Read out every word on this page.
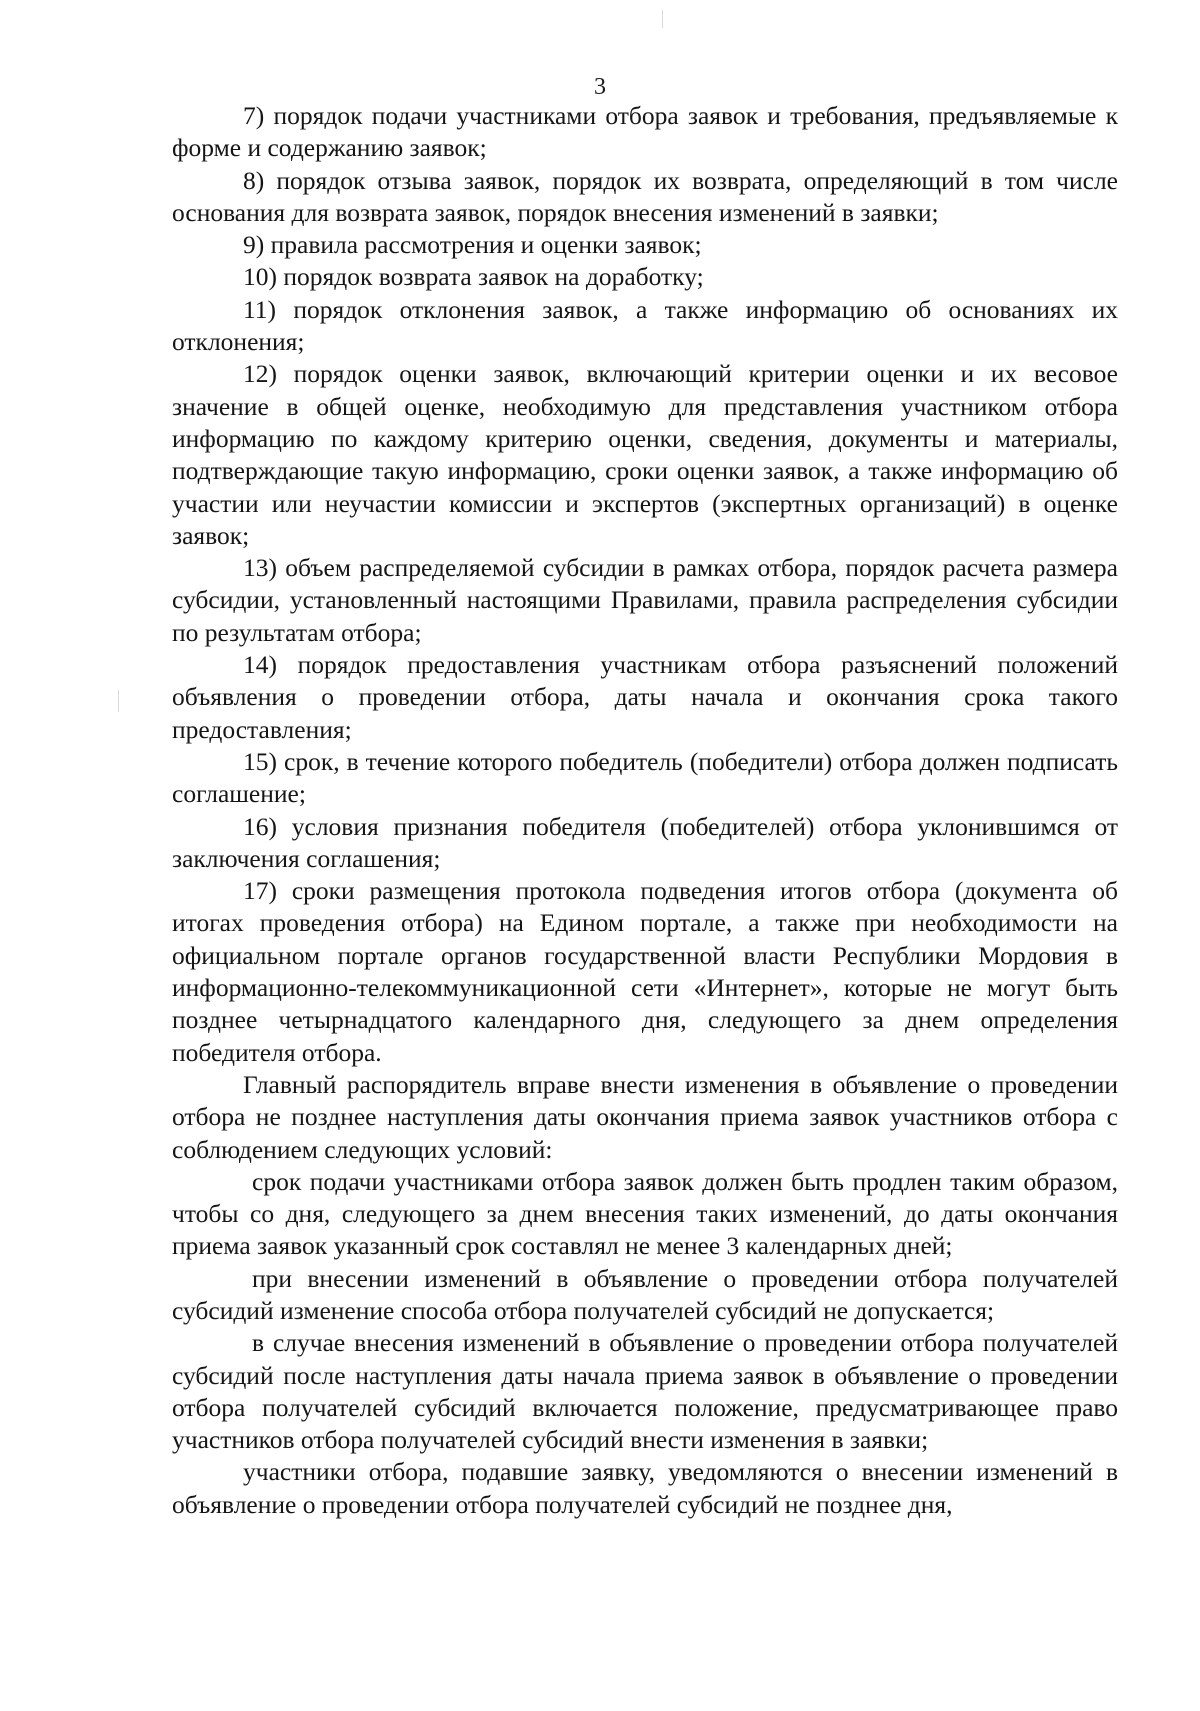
3

7) порядок подачи участниками отбора заявок и требования, предъявляемые к форме и содержанию заявок;

8) порядок отзыва заявок, порядок их возврата, определяющий в том числе основания для возврата заявок, порядок внесения изменений в заявки;

9) правила рассмотрения и оценки заявок;

10) порядок возврата заявок на доработку;

11) порядок отклонения заявок, а также информацию об основаниях их отклонения;

12) порядок оценки заявок, включающий критерии оценки и их весовое значение в общей оценке, необходимую для представления участником отбора информацию по каждому критерию оценки, сведения, документы и материалы, подтверждающие такую информацию, сроки оценки заявок, а также информацию об участии или неучастии комиссии и экспертов (экспертных организаций) в оценке заявок;

13) объем распределяемой субсидии в рамках отбора, порядок расчета размера субсидии, установленный настоящими Правилами, правила распределения субсидии по результатам отбора;

14) порядок предоставления участникам отбора разъяснений положений объявления о проведении отбора, даты начала и окончания срока такого предоставления;

15) срок, в течение которого победитель (победители) отбора должен подписать соглашение;

16) условия признания победителя (победителей) отбора уклонившимся от заключения соглашения;

17) сроки размещения протокола подведения итогов отбора (документа об итогах проведения отбора) на Едином портале, а также при необходимости на официальном портале органов государственной власти Республики Мордовия в информационно-телекоммуникационной сети «Интернет», которые не могут быть позднее четырнадцатого календарного дня, следующего за днем определения победителя отбора.

Главный распорядитель вправе внести изменения в объявление о проведении отбора не позднее наступления даты окончания приема заявок участников отбора с соблюдением следующих условий:

срок подачи участниками отбора заявок должен быть продлен таким образом, чтобы со дня, следующего за днем внесения таких изменений, до даты окончания приема заявок указанный срок составлял не менее 3 календарных дней;

при внесении изменений в объявление о проведении отбора получателей субсидий изменение способа отбора получателей субсидий не допускается;

в случае внесения изменений в объявление о проведении отбора получателей субсидий после наступления даты начала приема заявок в объявление о проведении отбора получателей субсидий включается положение, предусматривающее право участников отбора получателей субсидий внести изменения в заявки;

участники отбора, подавшие заявку, уведомляются о внесении изменений в объявление о проведении отбора получателей субсидий не позднее дня,
